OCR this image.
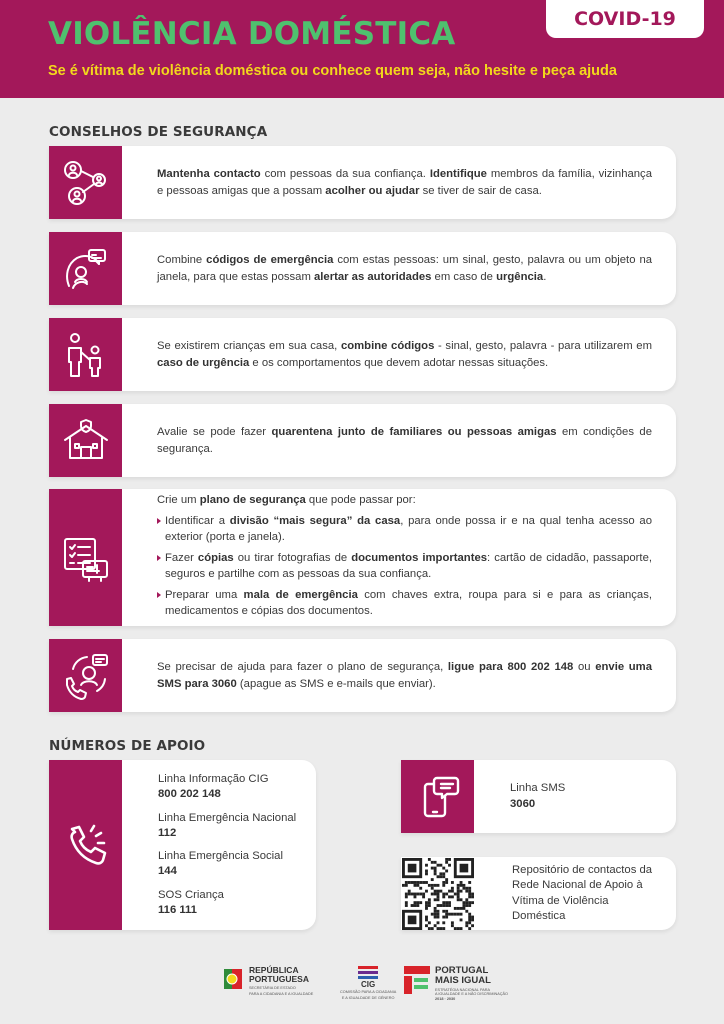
VIOLÊNCIA DOMÉSTICA
Se é vítima de violência doméstica ou conhece quem seja, não hesite e peça ajuda
COVID-19
CONSELHOS DE SEGURANÇA
Mantenha contacto com pessoas da sua confiança. Identifique membros da família, vizinhança e pessoas amigas que a possam acolher ou ajudar se tiver de sair de casa.
Combine códigos de emergência com estas pessoas: um sinal, gesto, palavra ou um objeto na janela, para que estas possam alertar as autoridades em caso de urgência.
Se existirem crianças em sua casa, combine códigos - sinal, gesto, palavra - para utilizarem em caso de urgência e os comportamentos que devem adotar nessas situações.
Avalie se pode fazer quarentena junto de familiares ou pessoas amigas em condições de segurança.
Crie um plano de segurança que pode passar por:
Identificar a divisão “mais segura” da casa, para onde possa ir e na qual tenha acesso ao exterior (porta e janela).
Fazer cópias ou tirar fotografias de documentos importantes: cartão de cidadão, passaporte, seguros e partilhe com as pessoas da sua confiança.
Preparar uma mala de emergência com chaves extra, roupa para si e para as crianças, medicamentos e cópias dos documentos.
Se precisar de ajuda para fazer o plano de segurança, ligue para 800 202 148 ou envie uma SMS para 3060 (apague as SMS e e-mails que enviar).
NÚMEROS DE APOIO
Linha Informação CIG
800 202 148
Linha Emergência Nacional
112
Linha Emergência Social
144
SOS Criança
116 111
Linha SMS
3060
Repositório de contactos da Rede Nacional de Apoio à Vítima de Violência Doméstica
REPÚBLICA
PORTUGUESA
SECRETÁRIA DE ESTADO
PARA A CIDADANIA E A IGUALDADE
CIG
COMISSÃO PARA A CIDADANIA
E A IGUALDADE DE GÉNERO
PORTUGAL
MAIS IGUAL
ESTRATÉGIA NACIONAL PARA
A IGUALDADE E A NÃO DISCRIMINAÇÃO
2018 · 2030
